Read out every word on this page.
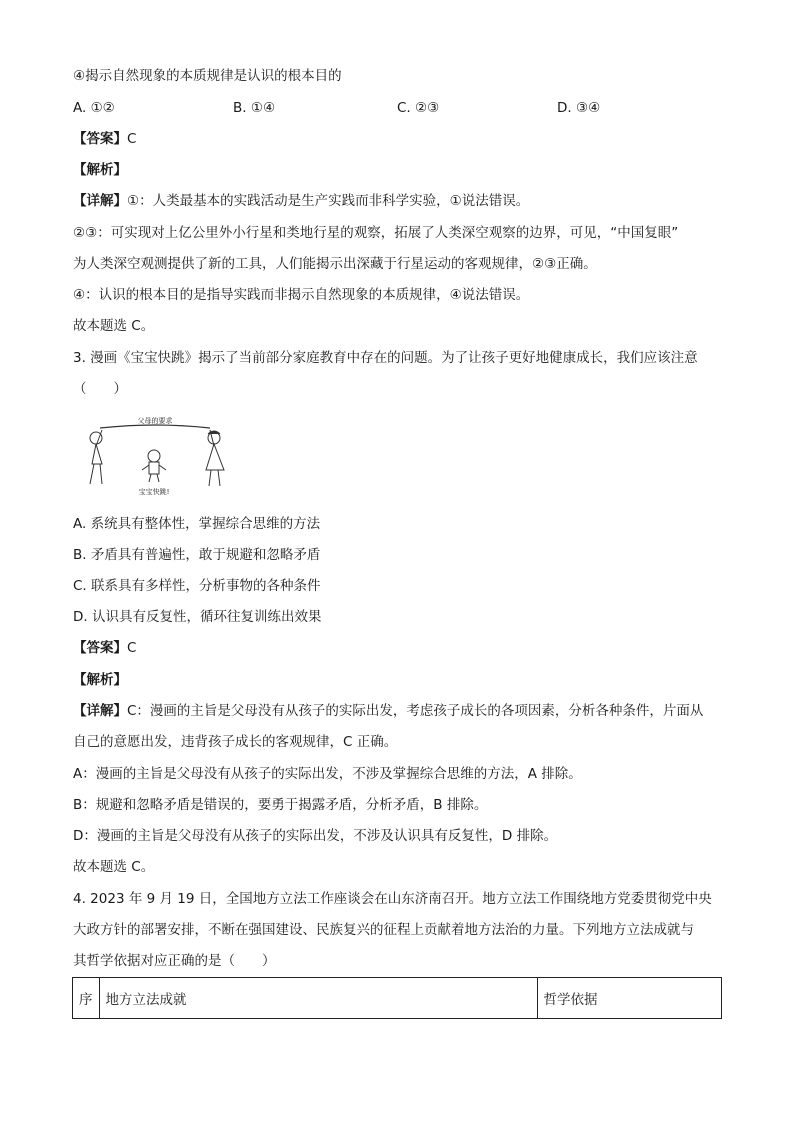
④揭示自然现象的本质规律是认识的根本目的
A. ①②	B. ①④	C. ②③	D. ③④
【答案】C
【解析】
【详解】①：人类最基本的实践活动是生产实践而非科学实验，①说法错误。
②③：可实现对上亿公里外小行星和类地行星的观察，拓展了人类深空观察的边界，可见，“中国复眼”
为人类深空观测提供了新的工具，人们能揭示出深藏于行星运动的客观规律，②③正确。
④：认识的根本目的是指导实践而非揭示自然现象的本质规律，④说法错误。
故本题选 C。
3. 漫画《宝宝快跳》揭示了当前部分家庭教育中存在的问题。为了让孩子更好地健康成长，我们应该注意
（　　）
父母的要求
宝宝快跳!
A. 系统具有整体性，掌握综合思维的方法
B. 矛盾具有普遍性，敢于规避和忽略矛盾
C. 联系具有多样性，分析事物的各种条件
D. 认识具有反复性，循环往复训练出效果
【答案】C
【解析】
【详解】C：漫画的主旨是父母没有从孩子的实际出发，考虑孩子成长的各项因素，分析各种条件，片面从
自己的意愿出发，违背孩子成长的客观规律，C 正确。
A：漫画的主旨是父母没有从孩子的实际出发，不涉及掌握综合思维的方法，A 排除。
B：规避和忽略矛盾是错误的，要勇于揭露矛盾，分析矛盾，B 排除。
D：漫画的主旨是父母没有从孩子的实际出发，不涉及认识具有反复性，D 排除。
故本题选 C。
4. 2023 年 9 月 19 日，全国地方立法工作座谈会在山东济南召开。地方立法工作围绕地方党委贯彻党中央
大政方针的部署安排，不断在强国建设、民族复兴的征程上贡献着地方法治的力量。下列地方立法成就与
其哲学依据对应正确的是（　　）
序	地方立法成就	哲学依据
